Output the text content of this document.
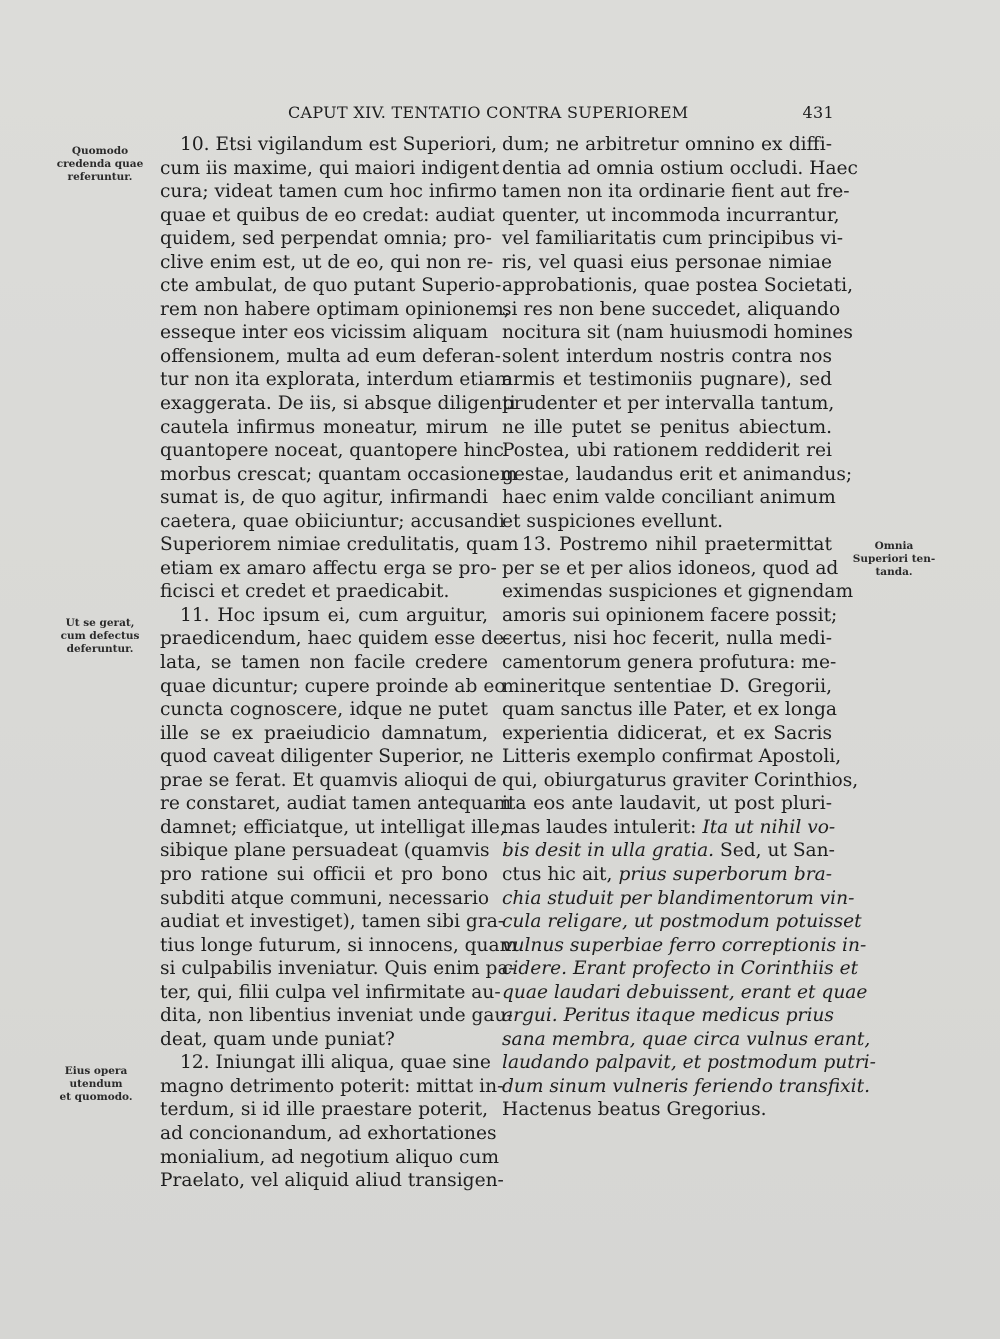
CAPUT XIV. TENTATIO CONTRA SUPERIOREM	431
Quomodo
credenda quae
referuntur.
Ut se gerat,
cum defectus
deferuntur.
Eius opera
utendum
et quomodo.
Omnia
Superiori ten-
tanda.
10. Etsi vigilandum est Superiori,
cum iis maxime, qui maiori indigent
cura; videat tamen cum hoc infirmo
quae et quibus de eo credat: audiat
quidem, sed perpendat omnia; pro-
clive enim est, ut de eo, qui non re-
cte ambulat, de quo putant Superio-
rem non habere optimam opinionem,
esseque inter eos vicissim aliquam
offensionem, multa ad eum deferan-
tur non ita explorata, interdum etiam
exaggerata. De iis, si absque diligenti
cautela infirmus moneatur, mirum
quantopere noceat, quantopere hinc
morbus crescat; quantam occasionem
sumat is, de quo agitur, infirmandi
caetera, quae obiiciuntur; accusandi
Superiorem nimiae credulitatis, quam
etiam ex amaro affectu erga se pro-
ficisci et credet et praedicabit.
11. Hoc ipsum ei, cum arguitur,
praedicendum, haec quidem esse de-
lata, se tamen non facile credere
quae dicuntur; cupere proinde ab eo
cuncta cognoscere, idque ne putet
ille se ex praeiudicio damnatum,
quod caveat diligenter Superior, ne
prae se ferat. Et quamvis alioqui de
re constaret, audiat tamen antequam
damnet; efficiatque, ut intelligat ille,
sibique plane persuadeat (quamvis
pro ratione sui officii et pro bono
subditi atque communi, necessario
audiat et investiget), tamen sibi gra-
tius longe futurum, si innocens, quam
si culpabilis inveniatur. Quis enim pa-
ter, qui, filii culpa vel infirmitate au-
dita, non libentius inveniat unde gau-
deat, quam unde puniat?
12. Iniungat illi aliqua, quae sine
magno detrimento poterit: mittat in-
terdum, si id ille praestare poterit,
ad concionandum, ad exhortationes
monialium, ad negotium aliquo cum
Praelato, vel aliquid aliud transigen-
dum; ne arbitretur omnino ex diffi-
dentia ad omnia ostium occludi. Haec
tamen non ita ordinarie fient aut fre-
quenter, ut incommoda incurrantur,
vel familiaritatis cum principibus vi-
ris, vel quasi eius personae nimiae
approbationis, quae postea Societati,
si res non bene succedet, aliquando
nocitura sit (nam huiusmodi homines
solent interdum nostris contra nos
armis et testimoniis pugnare), sed
prudenter et per intervalla tantum,
ne ille putet se penitus abiectum.
Postea, ubi rationem reddiderit rei
gestae, laudandus erit et animandus;
haec enim valde conciliant animum
et suspiciones evellunt.
13. Postremo nihil praetermittat
per se et per alios idoneos, quod ad
eximendas suspiciones et gignendam
amoris sui opinionem facere possit;
certus, nisi hoc fecerit, nulla medi-
camentorum genera profutura: me-
mineritque sententiae D. Gregorii,
quam sanctus ille Pater, et ex longa
experientia didicerat, et ex Sacris
Litteris exemplo confirmat Apostoli,
qui, obiurgaturus graviter Corinthios,
ita eos ante laudavit, ut post pluri-
mas laudes intulerit: Ita ut nihil vo-
bis desit in ulla gratia. Sed, ut San-
ctus hic ait, prius superborum bra-
chia studuit per blandimentorum vin-
cula religare, ut postmodum potuisset
vulnus superbiae ferro correptionis in-
cidere. Erant profecto in Corinthiis et
quae laudari debuissent, erant et quae
argui. Peritus itaque medicus prius
sana membra, quae circa vulnus erant,
laudando palpavit, et postmodum putri-
dum sinum vulneris feriendo transfixit.
Hactenus beatus Gregorius.
